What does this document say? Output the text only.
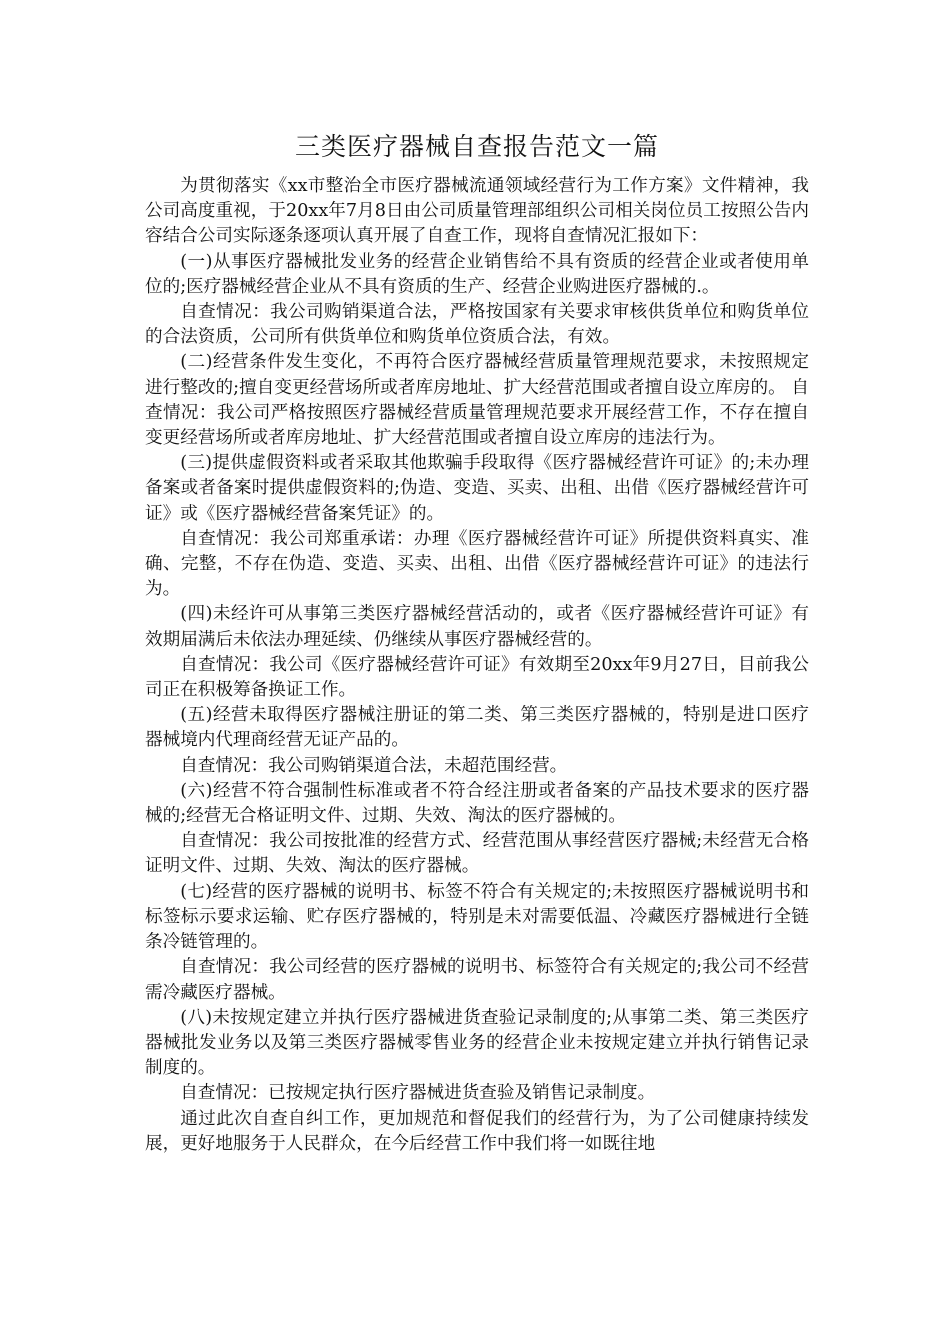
三类医疗器械自查报告范文一篇

为贯彻落实《xx市整治全市医疗器械流通领域经营行为工作方案》文件精神，我公司高度重视，于20xx年7月8日由公司质量管理部组织公司相关岗位员工按照公告内容结合公司实际逐条逐项认真开展了自查工作，现将自查情况汇报如下：

(一)从事医疗器械批发业务的经营企业销售给不具有资质的经营企业或者使用单位的;医疗器械经营企业从不具有资质的生产、经营企业购进医疗器械的.。

自查情况：我公司购销渠道合法，严格按国家有关要求审核供货单位和购货单位的合法资质，公司所有供货单位和购货单位资质合法，有效。

(二)经营条件发生变化，不再符合医疗器械经营质量管理规范要求，未按照规定进行整改的;擅自变更经营场所或者库房地址、扩大经营范围或者擅自设立库房的。 自查情况：我公司严格按照医疗器械经营质量管理规范要求开展经营工作，不存在擅自变更经营场所或者库房地址、扩大经营范围或者擅自设立库房的违法行为。

(三)提供虚假资料或者采取其他欺骗手段取得《医疗器械经营许可证》的;未办理备案或者备案时提供虚假资料的;伪造、变造、买卖、出租、出借《医疗器械经营许可证》或《医疗器械经营备案凭证》的。

自查情况：我公司郑重承诺：办理《医疗器械经营许可证》所提供资料真实、准确、完整，不存在伪造、变造、买卖、出租、出借《医疗器械经营许可证》的违法行为。

(四)未经许可从事第三类医疗器械经营活动的，或者《医疗器械经营许可证》有效期届满后未依法办理延续、仍继续从事医疗器械经营的。

自查情况：我公司《医疗器械经营许可证》有效期至20xx年9月27日，目前我公司正在积极筹备换证工作。

(五)经营未取得医疗器械注册证的第二类、第三类医疗器械的，特别是进口医疗器械境内代理商经营无证产品的。

自查情况：我公司购销渠道合法，未超范围经营。

(六)经营不符合强制性标准或者不符合经注册或者备案的产品技术要求的医疗器械的;经营无合格证明文件、过期、失效、淘汰的医疗器械的。

自查情况：我公司按批准的经营方式、经营范围从事经营医疗器械;未经营无合格证明文件、过期、失效、淘汰的医疗器械。

(七)经营的医疗器械的说明书、标签不符合有关规定的;未按照医疗器械说明书和标签标示要求运输、贮存医疗器械的，特别是未对需要低温、冷藏医疗器械进行全链条冷链管理的。

自查情况：我公司经营的医疗器械的说明书、标签符合有关规定的;我公司不经营需冷藏医疗器械。

(八)未按规定建立并执行医疗器械进货查验记录制度的;从事第二类、第三类医疗器械批发业务以及第三类医疗器械零售业务的经营企业未按规定建立并执行销售记录制度的。

自查情况：已按规定执行医疗器械进货查验及销售记录制度。

通过此次自查自纠工作，更加规范和督促我们的经营行为，为了公司健康持续发展，更好地服务于人民群众，在今后经营工作中我们将一如既往地
